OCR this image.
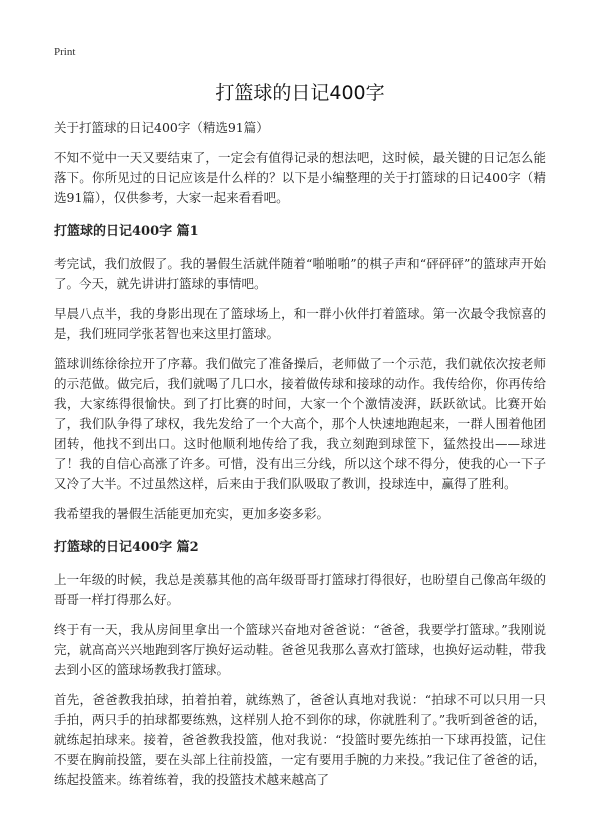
Print
打篮球的日记400字
关于打篮球的日记400字（精选91篇）

不知不觉中一天又要结束了，一定会有值得记录的想法吧，这时候，最关键的日记怎么能落下。你所见过的日记应该是什么样的？以下是小编整理的关于打篮球的日记400字（精选91篇），仅供参考，大家一起来看看吧。

打篮球的日记400字 篇1

考完试，我们放假了。我的暑假生活就伴随着“啪啪啪”的棋子声和“砰砰砰”的篮球声开始了。今天，就先讲讲打篮球的事情吧。

早晨八点半，我的身影出现在了篮球场上，和一群小伙伴打着篮球。第一次最令我惊喜的是，我们班同学张茗智也来这里打篮球。

篮球训练徐徐拉开了序幕。我们做完了准备操后，老师做了一个示范，我们就依次按老师的示范做。做完后，我们就喝了几口水，接着做传球和接球的动作。我传给你，你再传给我，大家练得很愉快。到了打比赛的时间，大家一个个激情凌湃，跃跃欲试。比赛开始了，我们队争得了球权，我先发给了一个大高个，那个人快速地跑起来，一群人围着他团团转，他找不到出口。这时他顺利地传给了我，我立刻跑到球筐下，猛然投出——球进了！我的自信心高涨了许多。可惜，没有出三分线，所以这个球不得分，使我的心一下子又冷了大半。不过虽然这样，后来由于我们队吸取了教训，投球连中，赢得了胜利。

我希望我的暑假生活能更加充实，更加多姿多彩。

打篮球的日记400字 篇2

上一年级的时候，我总是羡慕其他的高年级哥哥打篮球打得很好，也盼望自己像高年级的哥哥一样打得那么好。

终于有一天，我从房间里拿出一个篮球兴奋地对爸爸说：“爸爸，我要学打篮球。”我刚说完，就高高兴兴地跑到客厅换好运动鞋。爸爸见我那么喜欢打篮球，也换好运动鞋，带我去到小区的篮球场教我打篮球。

首先，爸爸教我拍球，拍着拍着，就练熟了，爸爸认真地对我说：“拍球不可以只用一只手拍，两只手的拍球都要练熟，这样别人抢不到你的球，你就胜利了。”我听到爸爸的话，就练起拍球来。接着，爸爸教我投篮，他对我说：“投篮时要先练拍一下球再投篮，记住不要在胸前投篮，要在头部上往前投篮，一定有要用手腕的力来投。”我记住了爸爸的话，练起投篮来。练着练着，我的投篮技术越来越高了
